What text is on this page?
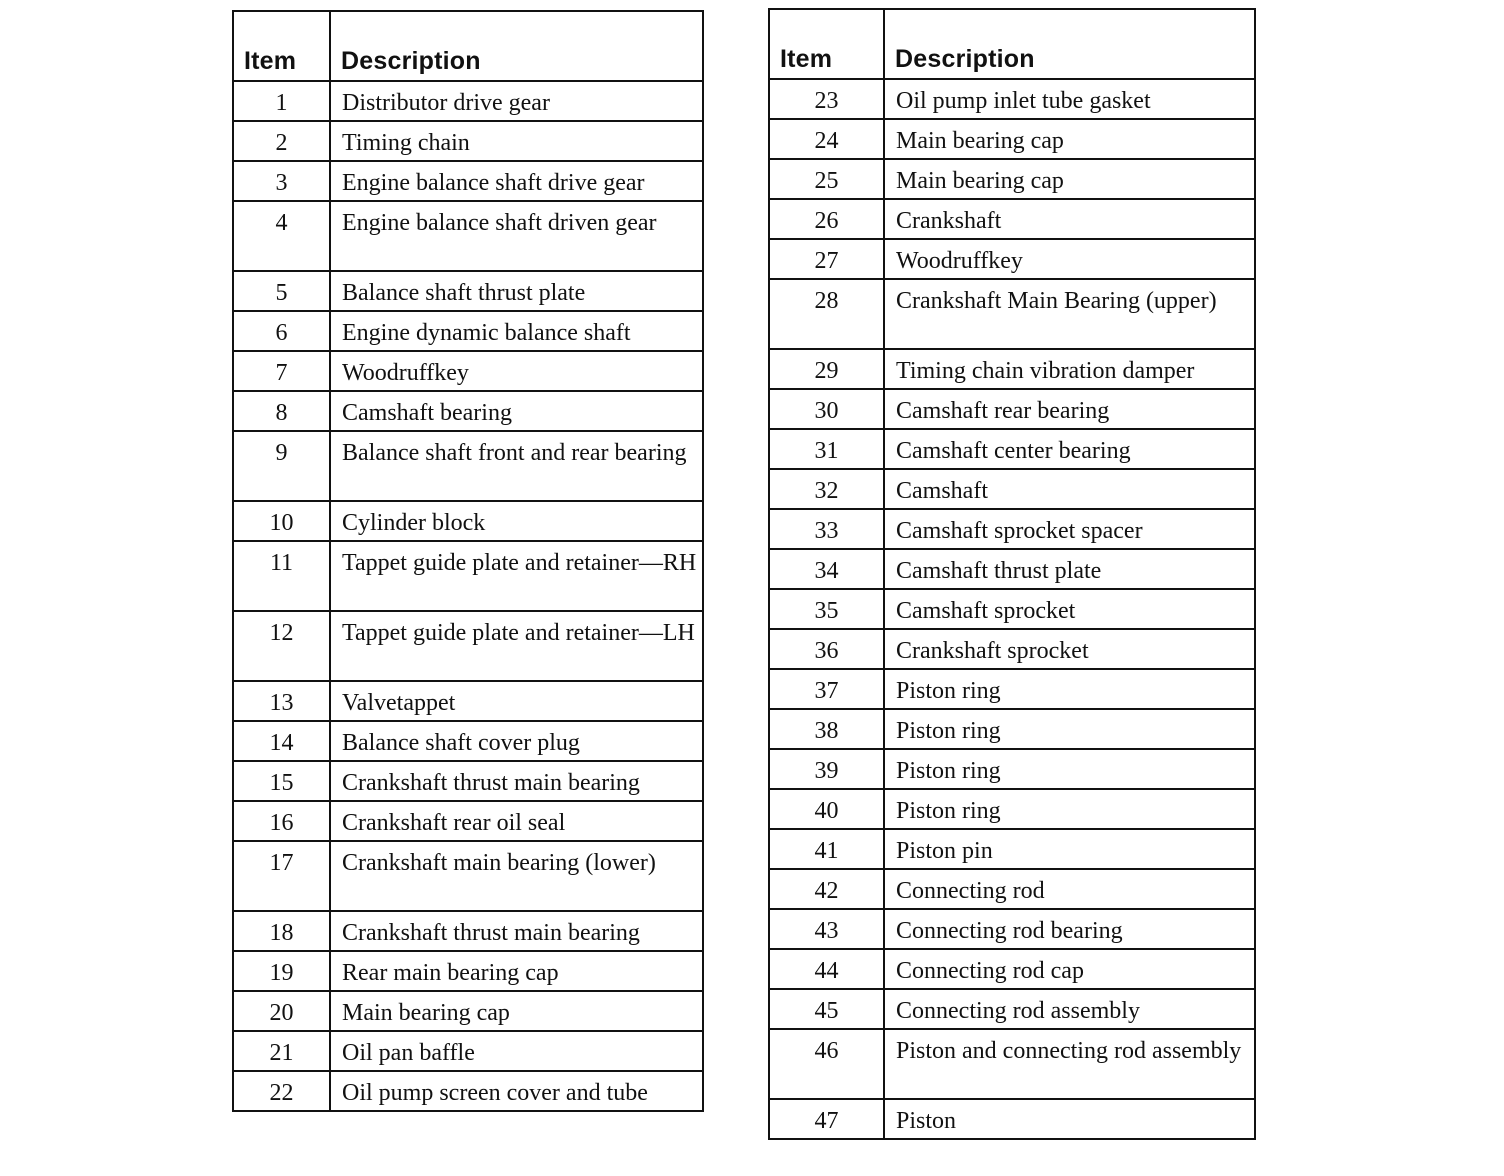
Item	Description
1	Distributor drive gear
2	Timing chain
3	Engine balance shaft drive gear
4	Engine balance shaft driven gear
5	Balance shaft thrust plate
6	Engine dynamic balance shaft
7	Woodruffkey
8	Camshaft bearing
9	Balance shaft front and rear bearing
10	Cylinder block
11	Tappet guide plate and retainer—RH
12	Tappet guide plate and retainer—LH
13	Valvetappet
14	Balance shaft cover plug
15	Crankshaft thrust main bearing
16	Crankshaft rear oil seal
17	Crankshaft main bearing (lower)
18	Crankshaft thrust main bearing
19	Rear main bearing cap
20	Main bearing cap
21	Oil pan baffle
22	Oil pump screen cover and tube
Item	Description
23	Oil pump inlet tube gasket
24	Main bearing cap
25	Main bearing cap
26	Crankshaft
27	Woodruffkey
28	Crankshaft Main Bearing (upper)
29	Timing chain vibration damper
30	Camshaft rear bearing
31	Camshaft center bearing
32	Camshaft
33	Camshaft sprocket spacer
34	Camshaft thrust plate
35	Camshaft sprocket
36	Crankshaft sprocket
37	Piston ring
38	Piston ring
39	Piston ring
40	Piston ring
41	Piston pin
42	Connecting rod
43	Connecting rod bearing
44	Connecting rod cap
45	Connecting rod assembly
46	Piston and connecting rod assembly
47	Piston
